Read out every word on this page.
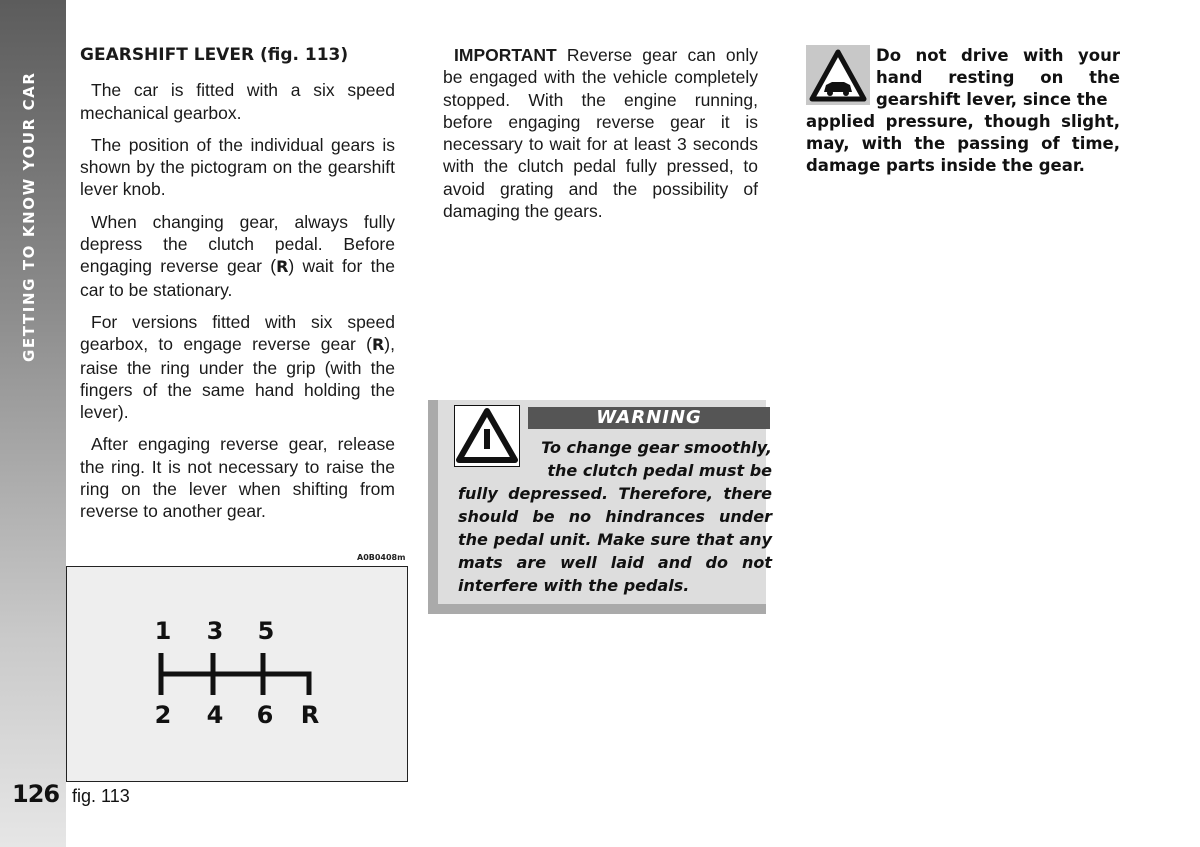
GETTING TO KNOW YOUR CAR
126
GEARSHIFT LEVER (fig. 113)

The car is fitted with a six speed mechanical gearbox.

The position of the individual gears is shown by the pictogram on the gearshift lever knob.

When changing gear, always fully depress the clutch pedal. Before engaging reverse gear (R) wait for the car to be stationary.

For versions fitted with six speed gearbox, to engage reverse gear (R), raise the ring under the grip (with the fingers of the same hand holding the lever).

After engaging reverse gear, release the ring. It is not necessary to raise the ring on the lever when shifting from reverse to another gear.

A0B0408m
1 3 5
2 4 6 R
fig. 113

IMPORTANT Reverse gear can only be engaged with the vehicle completely stopped. With the engine running, before engaging reverse gear it is necessary to wait for at least 3 seconds with the clutch pedal fully pressed, to avoid grating and the possibility of damaging the gears.

WARNING
To change gear smoothly, the clutch pedal must be
fully depressed. Therefore, there should be no hindrances under the pedal unit. Make sure that any mats are well laid and do not interfere with the pedals.
Do not drive with your hand resting on the gearshift lever, since the
applied pressure, though slight, may, with the passing of time, damage parts inside the gear.
